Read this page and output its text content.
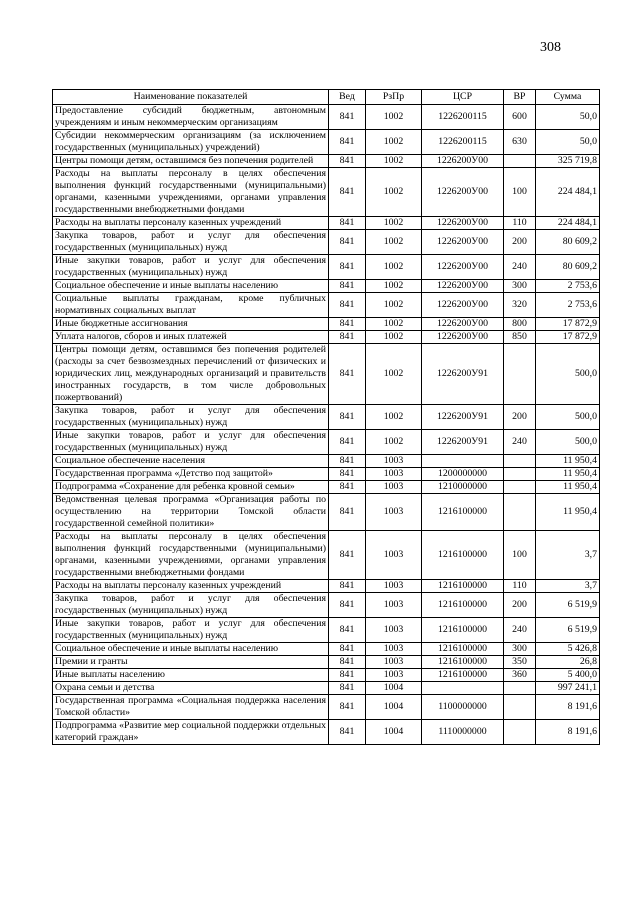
308
Наименование показателей	Вед	РзПр	ЦСР	ВР	Сумма
Предоставление субсидий бюджетным, автономным учреждениям и иным некоммерческим организациям	841	1002	1226200115	600	50,0
Субсидии некоммерческим организациям (за исключением государственных (муниципальных) учреждений)	841	1002	1226200115	630	50,0
Центры помощи детям, оставшимся без попечения родителей	841	1002	1226200У00		325 719,8
Расходы на выплаты персоналу в целях обеспечения выполнения функций государственными (муниципальными) органами, казенными учреждениями, органами управления государственными внебюджетными фондами	841	1002	1226200У00	100	224 484,1
Расходы на выплаты персоналу казенных учреждений	841	1002	1226200У00	110	224 484,1
Закупка товаров, работ и услуг для обеспечения государственных (муниципальных) нужд	841	1002	1226200У00	200	80 609,2
Иные закупки товаров, работ и услуг для обеспечения государственных (муниципальных) нужд	841	1002	1226200У00	240	80 609,2
Социальное обеспечение и иные выплаты населению	841	1002	1226200У00	300	2 753,6
Социальные выплаты гражданам, кроме публичных нормативных социальных выплат	841	1002	1226200У00	320	2 753,6
Иные бюджетные ассигнования	841	1002	1226200У00	800	17 872,9
Уплата налогов, сборов и иных платежей	841	1002	1226200У00	850	17 872,9
Центры помощи детям, оставшимся без попечения родителей (расходы за счет безвозмездных перечислений от физических и юридических лиц, международных организаций и правительств иностранных государств, в том числе добровольных пожертвований)	841	1002	1226200У91		500,0
Закупка товаров, работ и услуг для обеспечения государственных (муниципальных) нужд	841	1002	1226200У91	200	500,0
Иные закупки товаров, работ и услуг для обеспечения государственных (муниципальных) нужд	841	1002	1226200У91	240	500,0
Социальное обеспечение населения	841	1003			11 950,4
Государственная программа «Детство под защитой»	841	1003	1200000000		11 950,4
Подпрограмма «Сохранение для ребенка кровной семьи»	841	1003	1210000000		11 950,4
Ведомственная целевая программа «Организация работы по осуществлению на территории Томской области государственной семейной политики»	841	1003	1216100000		11 950,4
Расходы на выплаты персоналу в целях обеспечения выполнения функций государственными (муниципальными) органами, казенными учреждениями, органами управления государственными внебюджетными фондами	841	1003	1216100000	100	3,7
Расходы на выплаты персоналу казенных учреждений	841	1003	1216100000	110	3,7
Закупка товаров, работ и услуг для обеспечения государственных (муниципальных) нужд	841	1003	1216100000	200	6 519,9
Иные закупки товаров, работ и услуг для обеспечения государственных (муниципальных) нужд	841	1003	1216100000	240	6 519,9
Социальное обеспечение и иные выплаты населению	841	1003	1216100000	300	5 426,8
Премии и гранты	841	1003	1216100000	350	26,8
Иные выплаты населению	841	1003	1216100000	360	5 400,0
Охрана семьи и детства	841	1004			997 241,1
Государственная программа «Социальная поддержка населения Томской области»	841	1004	1100000000		8 191,6
Подпрограмма «Развитие мер социальной поддержки отдельных категорий граждан»	841	1004	1110000000		8 191,6
